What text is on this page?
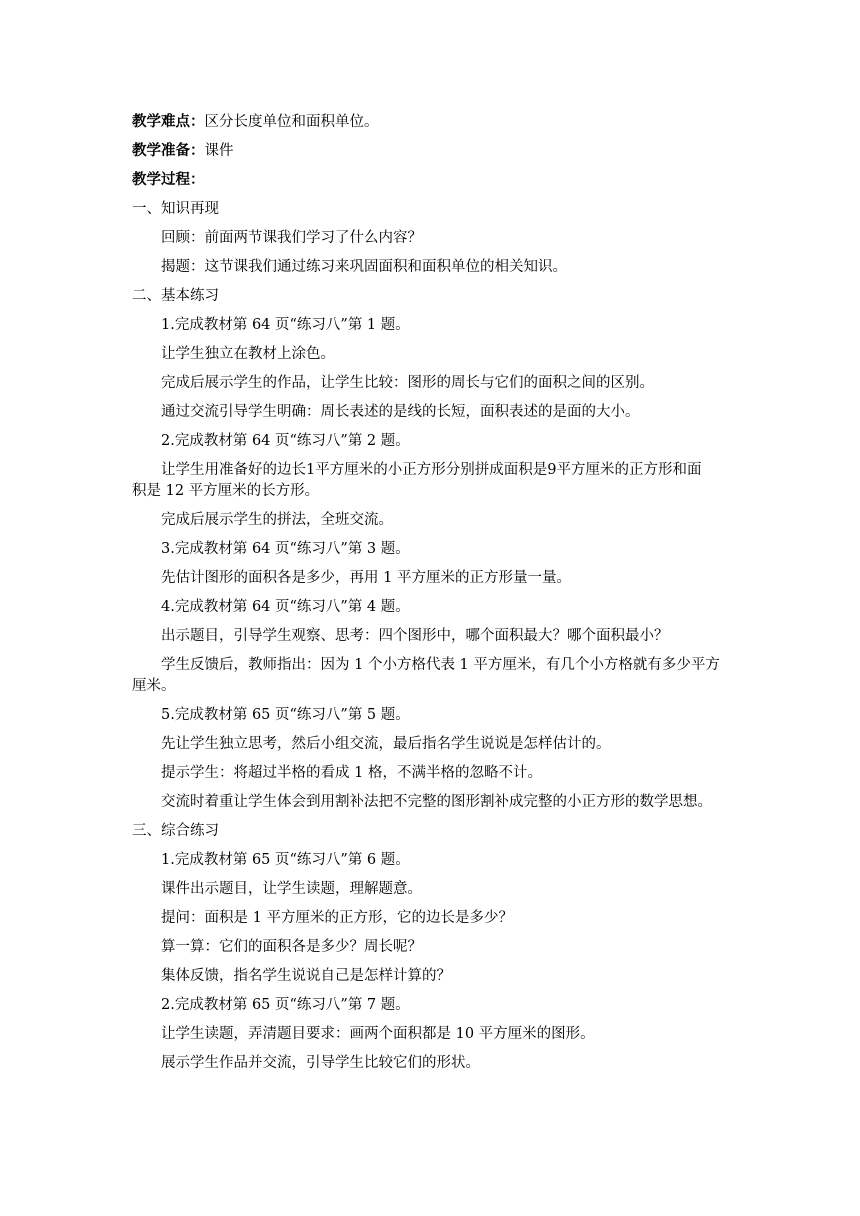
教学难点：区分长度单位和面积单位。
教学准备：课件
教学过程：
一、知识再现
回顾：前面两节课我们学习了什么内容？
揭题：这节课我们通过练习来巩固面积和面积单位的相关知识。
二、基本练习
1.完成教材第 64 页“练习八”第 1 题。
让学生独立在教材上涂色。
完成后展示学生的作品，让学生比较：图形的周长与它们的面积之间的区别。
通过交流引导学生明确：周长表述的是线的长短，面积表述的是面的大小。
2.完成教材第 64 页“练习八”第 2 题。
让学生用准备好的边长1平方厘米的小正方形分别拼成面积是9平方厘米的正方形和面
积是 12 平方厘米的长方形。
完成后展示学生的拼法，全班交流。
3.完成教材第 64 页“练习八”第 3 题。
先估计图形的面积各是多少，再用 1 平方厘米的正方形量一量。
4.完成教材第 64 页“练习八”第 4 题。
出示题目，引导学生观察、思考：四个图形中，哪个面积最大？哪个面积最小？
学生反馈后，教师指出：因为 1 个小方格代表 1 平方厘米，有几个小方格就有多少平方
厘米。
5.完成教材第 65 页“练习八”第 5 题。
先让学生独立思考，然后小组交流，最后指名学生说说是怎样估计的。
提示学生：将超过半格的看成 1 格，不满半格的忽略不计。
交流时着重让学生体会到用割补法把不完整的图形割补成完整的小正方形的数学思想。
三、综合练习
1.完成教材第 65 页“练习八”第 6 题。
课件出示题目，让学生读题，理解题意。
提问：面积是 1 平方厘米的正方形，它的边长是多少？
算一算：它们的面积各是多少？周长呢？
集体反馈，指名学生说说自己是怎样计算的？
2.完成教材第 65 页“练习八”第 7 题。
让学生读题，弄清题目要求：画两个面积都是 10 平方厘米的图形。
展示学生作品并交流，引导学生比较它们的形状。
